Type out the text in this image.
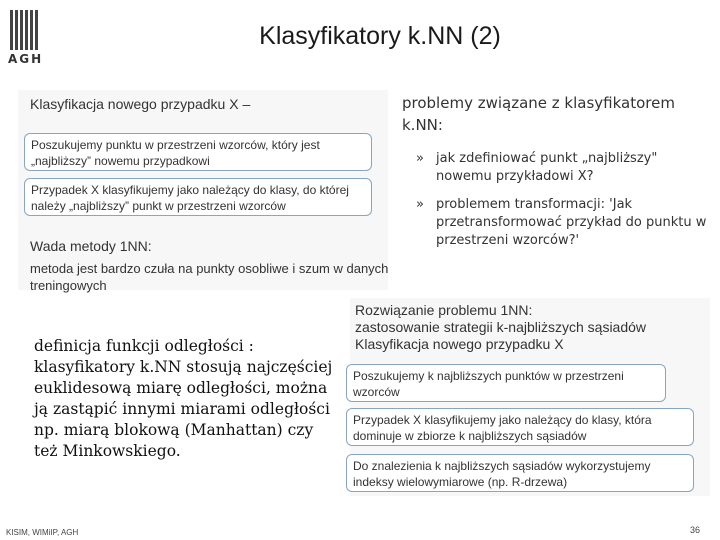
AGH
Klasyfikatory k.NN (2)
Klasyfikacja nowego przypadku X –
Poszukujemy punktu w przestrzeni wzorców, który jest „najbliższy” nowemu przypadkowi
Przypadek X klasyfikujemy jako należący do klasy, do której należy „najbliższy” punkt w przestrzeni wzorców
Wada metody 1NN:
metoda jest bardzo czuła na punkty osobliwe i szum w danych treningowych
problemy związane z klasyfikatorem k.NN:
» jak zdefiniować punkt „najbliższy" nowemu przykładowi X?
» problemem transformacji: 'Jak przetransformować przykład do punktu w przestrzeni wzorców?'
definicja funkcji odległości : klasyfikatory k.NN stosują najczęściej euklidesową miarę odległości, można ją zastąpić innymi miarami odległości np. miarą blokową (Manhattan) czy też Minkowskiego.
Rozwiązanie problemu 1NN:
zastosowanie strategii k-najbliższych sąsiadów
Klasyfikacja nowego przypadku X
Poszukujemy k najbliższych punktów w przestrzeni wzorców
Przypadek X klasyfikujemy jako należący do klasy, która dominuje w zbiorze k najbliższych sąsiadów
Do znalezienia k najbliższych sąsiadów wykorzystujemy indeksy wielowymiarowe (np. R-drzewa)
KISIM, WIMiIP, AGH	36
